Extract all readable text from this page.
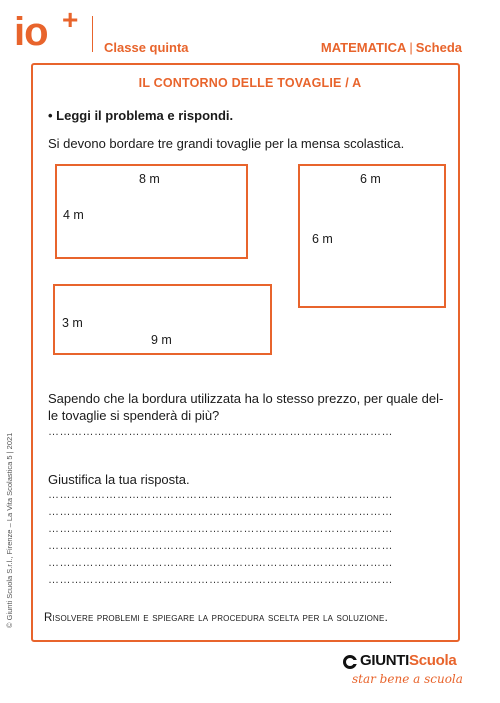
io +
Classe quinta	MATEMATICA | Scheda
IL CONTORNO DELLE TOVAGLIE / A
• Leggi il problema e rispondi.
Si devono bordare tre grandi tovaglie per la mensa scolastica.
8 m
4 m
6 m
6 m
3 m
9 m
Sapendo che la bordura utilizzata ha lo stesso prezzo, per quale del-
le tovaglie si spenderà di più?
………………………………………………………………………………
Giustifica la tua risposta.
………………………………………………………………………………
………………………………………………………………………………
………………………………………………………………………………
………………………………………………………………………………
………………………………………………………………………………
………………………………………………………………………………
Risolvere problemi e spiegare la procedura scelta per la soluzione.
© Giunti Scuola S.r.l., Firenze – La Vita Scolastica 5 | 2021
GIUNTIScuola
star bene a scuola
